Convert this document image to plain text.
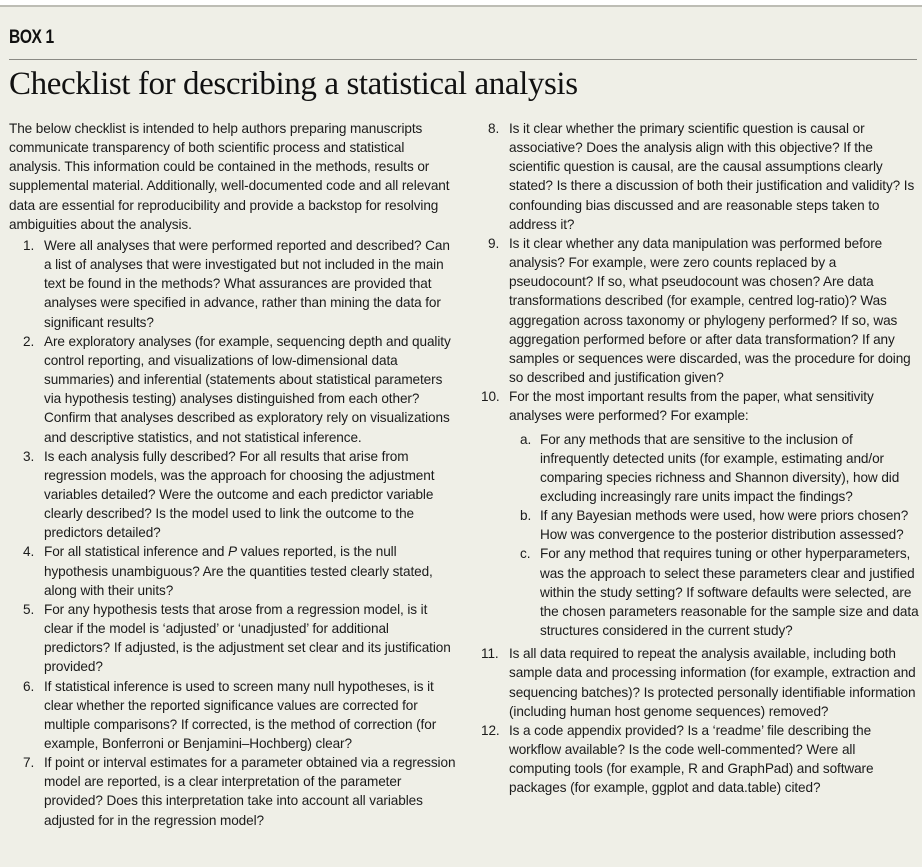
BOX 1
Checklist for describing a statistical analysis

The below checklist is intended to help authors preparing manuscripts communicate transparency of both scientific process and statistical analysis. This information could be contained in the methods, results or supplemental material. Additionally, well-documented code and all relevant data are essential for reproducibility and provide a backstop for resolving ambiguities about the analysis.

1. Were all analyses that were performed reported and described? Can a list of analyses that were investigated but not included in the main text be found in the methods? What assurances are provided that analyses were specified in advance, rather than mining the data for significant results?
2. Are exploratory analyses (for example, sequencing depth and quality control reporting, and visualizations of low-dimensional data summaries) and inferential (statements about statistical parameters via hypothesis testing) analyses distinguished from each other? Confirm that analyses described as exploratory rely on visualizations and descriptive statistics, and not statistical inference.
3. Is each analysis fully described? For all results that arise from regression models, was the approach for choosing the adjustment variables detailed? Were the outcome and each predictor variable clearly described? Is the model used to link the outcome to the predictors detailed?
4. For all statistical inference and P values reported, is the null hypothesis unambiguous? Are the quantities tested clearly stated, along with their units?
5. For any hypothesis tests that arose from a regression model, is it clear if the model is ‘adjusted’ or ‘unadjusted’ for additional predictors? If adjusted, is the adjustment set clear and its justification provided?
6. If statistical inference is used to screen many null hypotheses, is it clear whether the reported significance values are corrected for multiple comparisons? If corrected, is the method of correction (for example, Bonferroni or Benjamini–Hochberg) clear?
7. If point or interval estimates for a parameter obtained via a regression model are reported, is a clear interpretation of the parameter provided? Does this interpretation take into account all variables adjusted for in the regression model?
8. Is it clear whether the primary scientific question is causal or associative? Does the analysis align with this objective? If the scientific question is causal, are the causal assumptions clearly stated? Is there a discussion of both their justification and validity? Is confounding bias discussed and are reasonable steps taken to address it?
9. Is it clear whether any data manipulation was performed before analysis? For example, were zero counts replaced by a pseudocount? If so, what pseudocount was chosen? Are data transformations described (for example, centred log-ratio)? Was aggregation across taxonomy or phylogeny performed? If so, was aggregation performed before or after data transformation? If any samples or sequences were discarded, was the procedure for doing so described and justification given?
10. For the most important results from the paper, what sensitivity analyses were performed? For example:
a. For any methods that are sensitive to the inclusion of infrequently detected units (for example, estimating and/or comparing species richness and Shannon diversity), how did excluding increasingly rare units impact the findings?
b. If any Bayesian methods were used, how were priors chosen? How was convergence to the posterior distribution assessed?
c. For any method that requires tuning or other hyperparameters, was the approach to select these parameters clear and justified within the study setting? If software defaults were selected, are the chosen parameters reasonable for the sample size and data structures considered in the current study?
11. Is all data required to repeat the analysis available, including both sample data and processing information (for example, extraction and sequencing batches)? Is protected personally identifiable information (including human host genome sequences) removed?
12. Is a code appendix provided? Is a ‘readme’ file describing the workflow available? Is the code well-commented? Were all computing tools (for example, R and GraphPad) and software packages (for example, ggplot and data.table) cited?
